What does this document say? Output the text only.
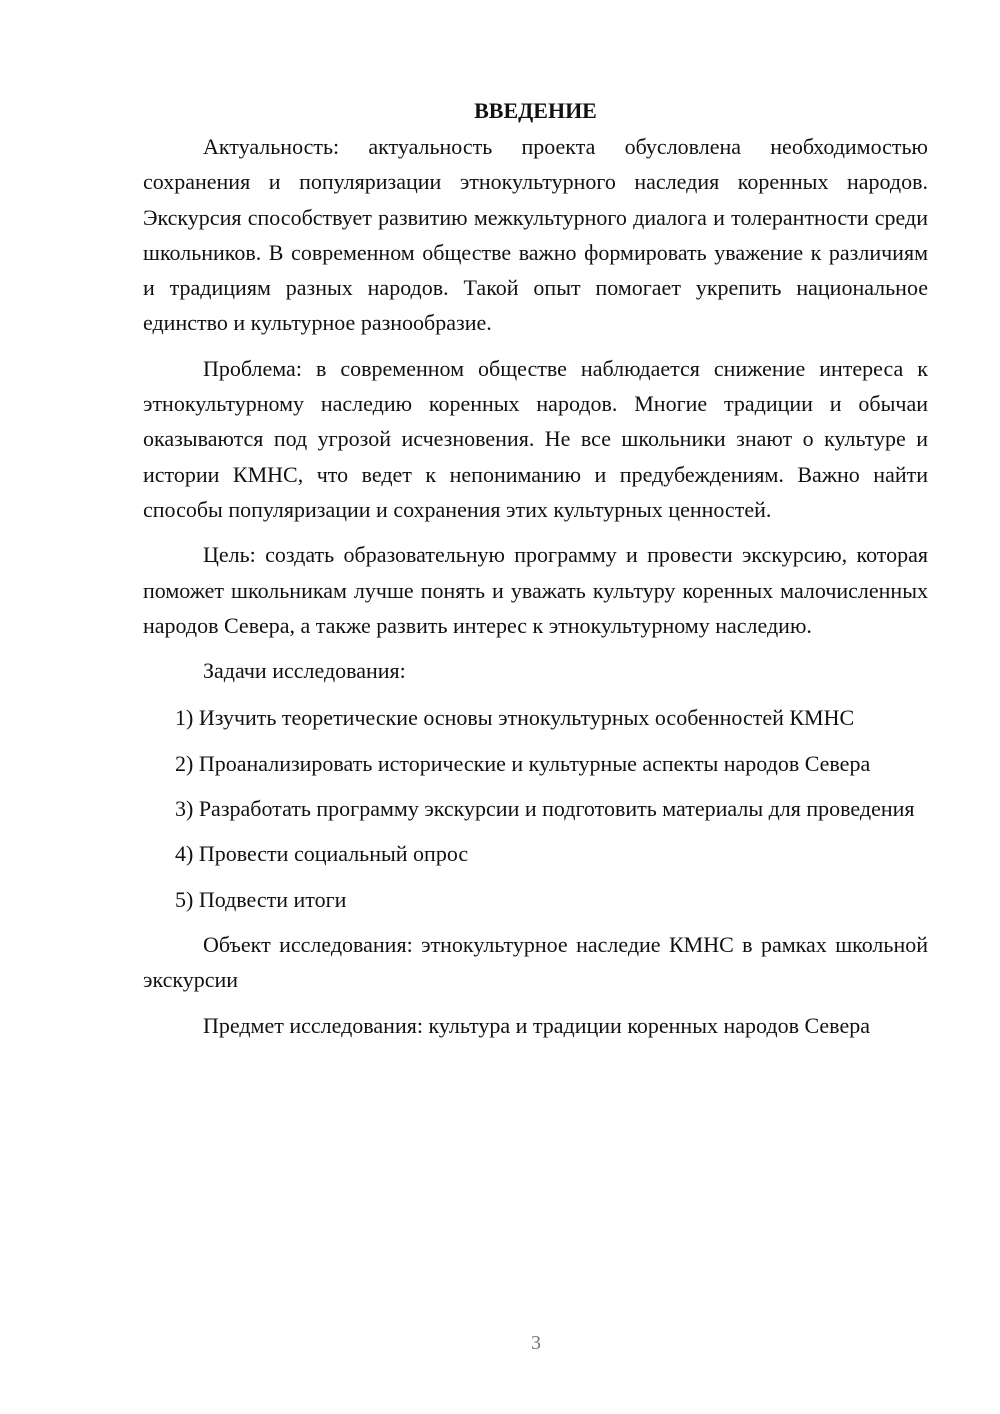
ВВЕДЕНИЕ

Актуальность: актуальность проекта обусловлена необходимостью сохранения и популяризации этнокультурного наследия коренных народов. Экскурсия способствует развитию межкультурного диалога и толерантности среди школьников. В современном обществе важно формировать уважение к различиям и традициям разных народов. Такой опыт помогает укрепить национальное единство и культурное разнообразие.

Проблема: в современном обществе наблюдается снижение интереса к этнокультурному наследию коренных народов. Многие традиции и обычаи оказываются под угрозой исчезновения. Не все школьники знают о культуре и истории КМНС, что ведет к непониманию и предубеждениям. Важно найти способы популяризации и сохранения этих культурных ценностей.

Цель: создать образовательную программу и провести экскурсию, которая поможет школьникам лучше понять и уважать культуру коренных малочисленных народов Севера, а также развить интерес к этнокультурному наследию.

Задачи исследования:

1) Изучить теоретические основы этнокультурных особенностей КМНС

2) Проанализировать исторические и культурные аспекты народов Севера

3) Разработать программу экскурсии и подготовить материалы для проведения

4) Провести социальный опрос

5) Подвести итоги

Объект исследования: этнокультурное наследие КМНС в рамках школьной экскурсии

Предмет исследования: культура и традиции коренных народов Севера

3
